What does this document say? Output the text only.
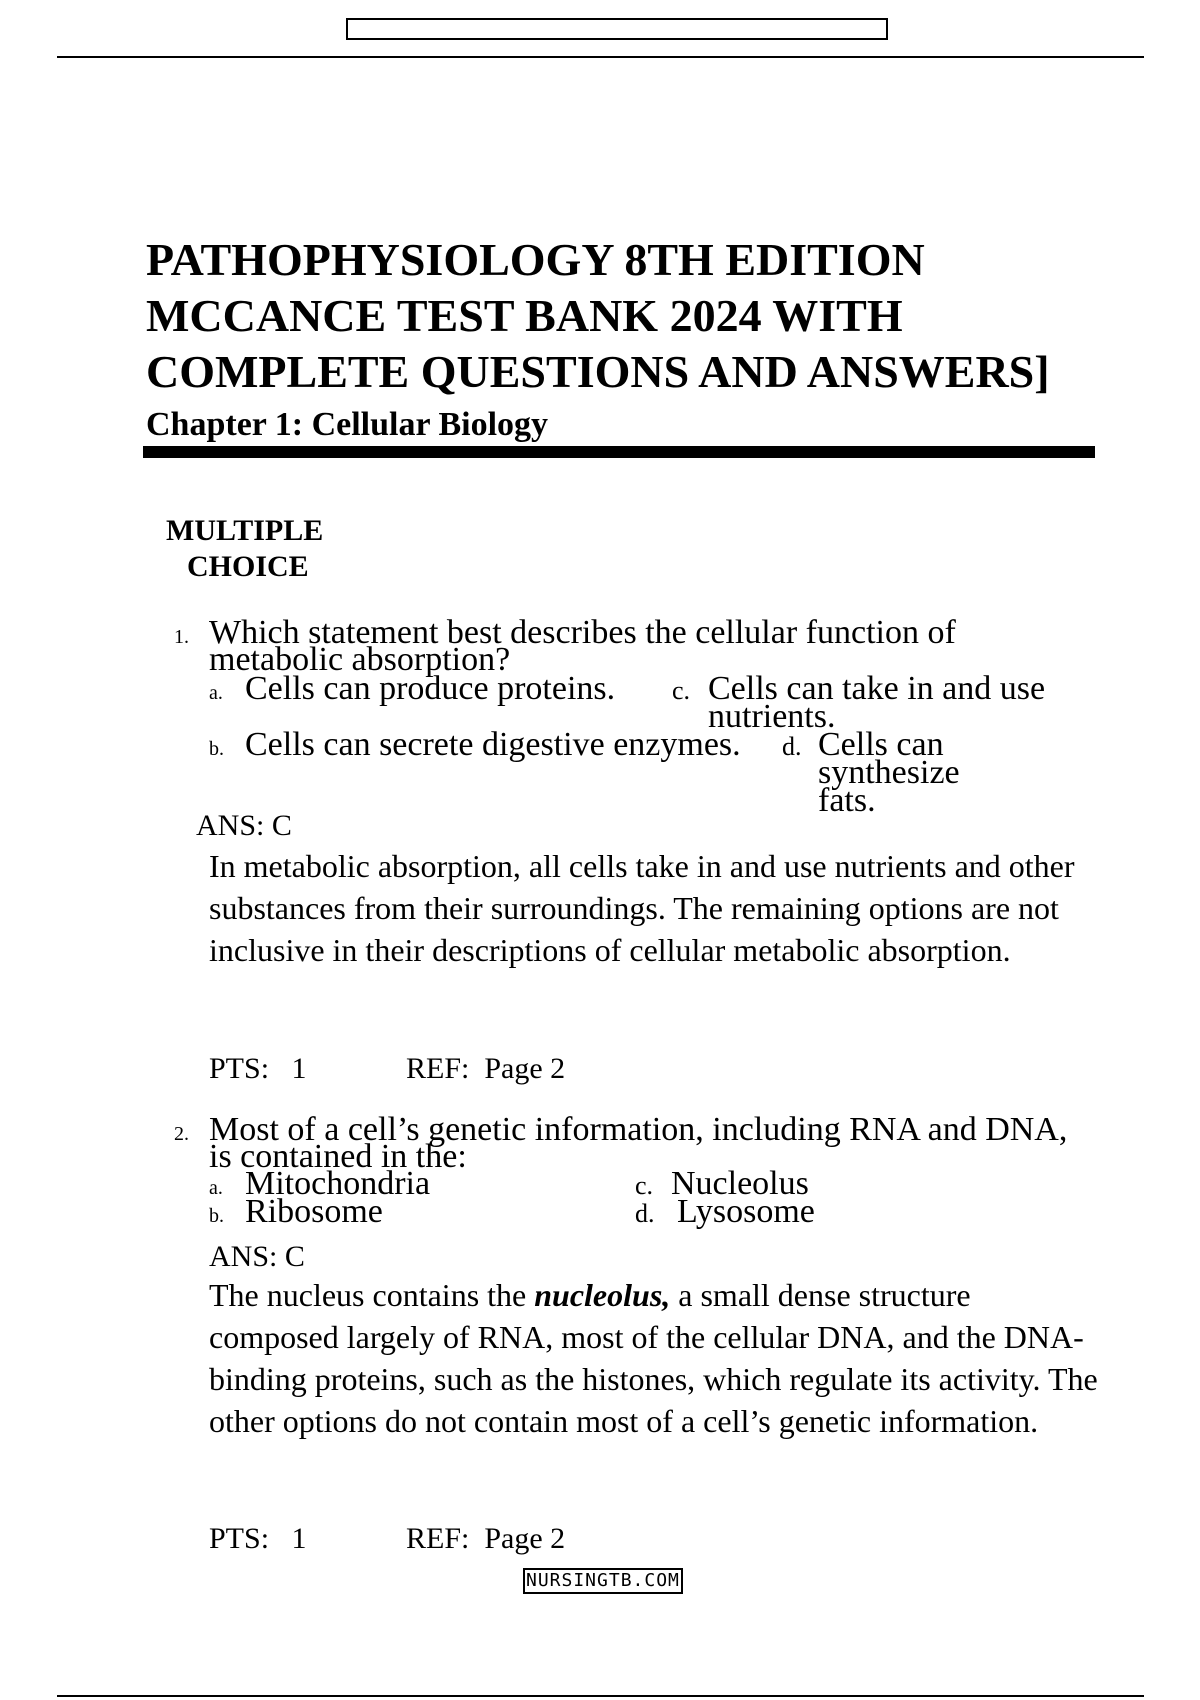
PATHOPHYSIOLOGY 8TH EDITION
MCCANCE TEST BANK 2024 WITH
COMPLETE QUESTIONS AND ANSWERS]
Chapter 1: Cellular Biology
MULTIPLE
CHOICE
1. Which statement best describes the cellular function of metabolic absorption?
a. Cells can produce proteins. c. Cells can take in and use nutrients.
b. Cells can secrete digestive enzymes. d. Cells can synthesize fats.
ANS: C
In metabolic absorption, all cells take in and use nutrients and other substances from their surroundings. The remaining options are not inclusive in their descriptions of cellular metabolic absorption.
PTS:   1	REF:  Page 2
2. Most of a cell’s genetic information, including RNA and DNA, is contained in the:
a. Mitochondria	c. Nucleolus
b. Ribosome	d. Lysosome
ANS: C
The nucleus contains the nucleolus, a small dense structure composed largely of RNA, most of the cellular DNA, and the DNA-binding proteins, such as the histones, which regulate its activity. The other options do not contain most of a cell’s genetic information.
PTS:   1	REF:  Page 2
NURSINGTB.COM
